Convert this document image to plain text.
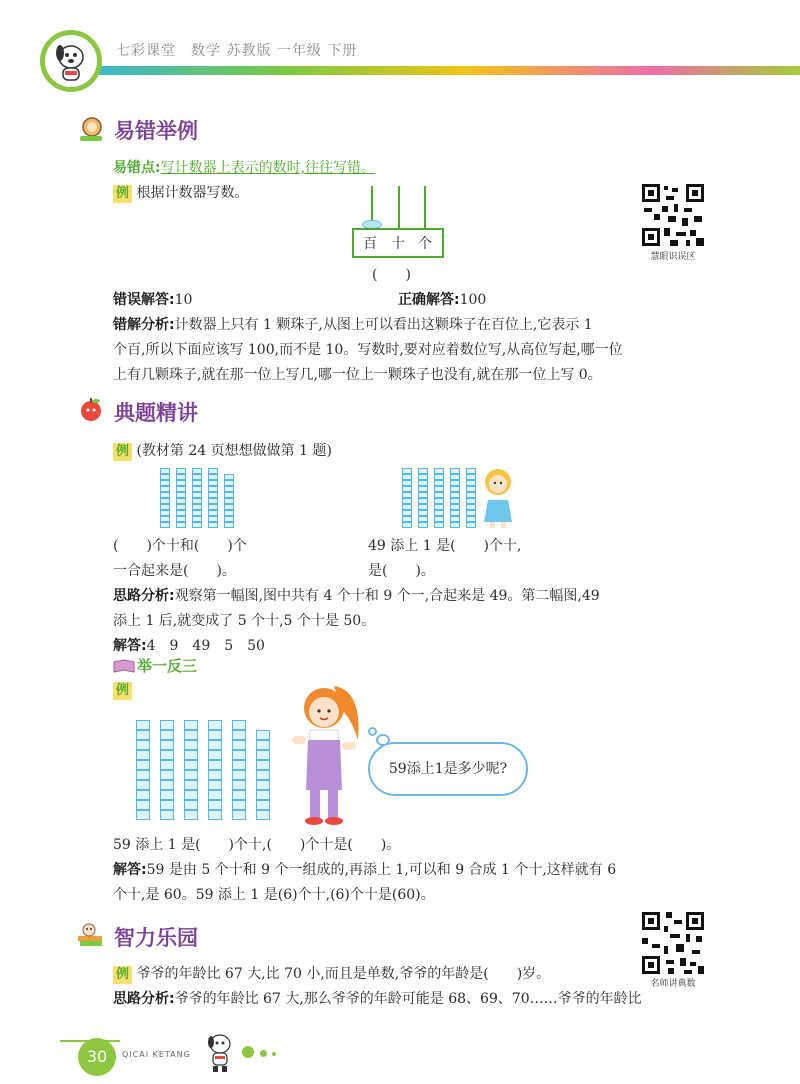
七彩课堂　数学 苏教版 一年级 下册
易错举例
易错点:写计数器上表示的数时,往往写错。
例 根据计数器写数。
慧眼识误区
百 十 个
(　　)
错误解答:10	正确解答:100
错解分析:计数器上只有 1 颗珠子,从图上可以看出这颗珠子在百位上,它表示 1
个百,所以下面应该写 100,而不是 10。写数时,要对应着数位写,从高位写起,哪一位
上有几颗珠子,就在那一位上写几,哪一位上一颗珠子也没有,就在那一位上写 0。
典题精讲
例 (教材第 24 页想想做做第 1 题)
(　　)个十和(　　)个
一合起来是(　　)。
49 添上 1 是(　　)个十,
是(　　)。
思路分析:观察第一幅图,图中共有 4 个十和 9 个一,合起来是 49。第二幅图,49
添上 1 后,就变成了 5 个十,5 个十是 50。
解答:4　9　49　5　50
举一反三
例
59添上1是多少呢?
59 添上 1 是(　　)个十,(　　)个十是(　　)。
解答:59 是由 5 个十和 9 个一组成的,再添上 1,可以和 9 合成 1 个十,这样就有 6
个十,是 60。59 添上 1 是(6)个十,(6)个十是(60)。
智力乐园
名师讲典数
例 爷爷的年龄比 67 大,比 70 小,而且是单数,爷爷的年龄是(　　)岁。
思路分析:爷爷的年龄比 67 大,那么爷爷的年龄可能是 68、69、70……爷爷的年龄比
30	QICAI KETANG
